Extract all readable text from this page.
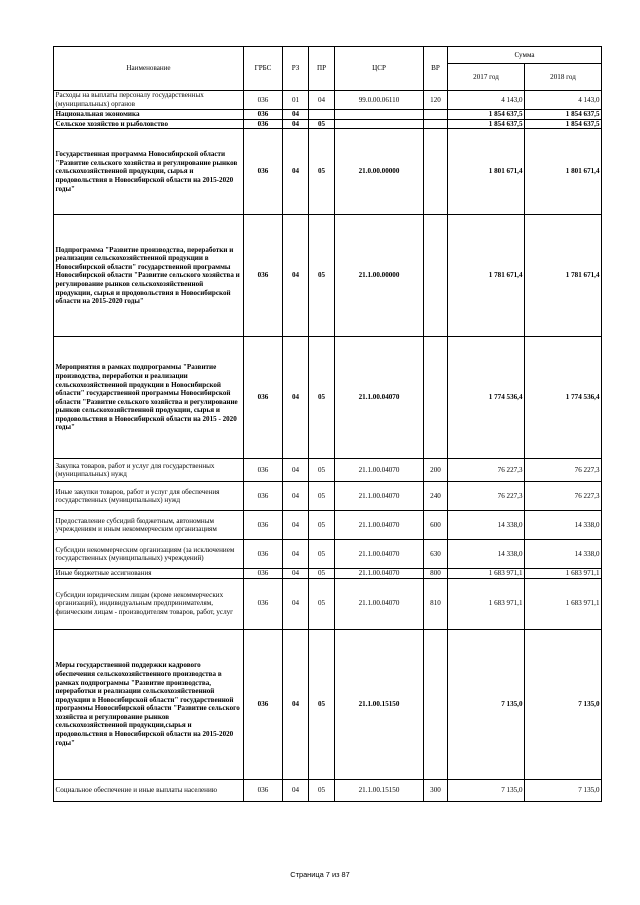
Наименование	ГРБС	РЗ	ПР	ЦСР	ВР	Сумма	
						2017 год	2018 год
Расходы на выплаты персоналу государственных (муниципальных) органов	036	01	04	99.0.00.06110	120	4 143,0	4 143,0
Национальная экономика	036	04				1 854 637,5	1 854 637,5
Сельское хозяйство и рыболовство	036	04	05			1 854 637,5	1 854 637,5
Государственная программа Новосибирской области "Развитие сельского хозяйства и регулирование рынков сельскохозяйственной продукции, сырья и продовольствия в Новосибирской области на 2015-2020 годы"	036	04	05	21.0.00.00000		1 801 671,4	1 801 671,4
Подпрограмма "Развитие производства, переработки и реализации сельскохозяйственной продукции в Новосибирской области" государственной программы Новосибирской области "Развитие сельского хозяйства и регулирование рынков сельскохозяйственной продукции, сырья и продовольствия в Новосибирской области на 2015-2020 годы"	036	04	05	21.1.00.00000		1 781 671,4	1 781 671,4
Мероприятия в рамках подпрограммы "Развитие производства, переработки и реализации сельскохозяйственной продукции в Новосибирской области" государственной программы Новосибирской области "Развитие сельского хозяйства и регулирование рынков сельскохозяйственной продукции, сырья и продовольствия в Новосибирской области на 2015 - 2020 годы"	036	04	05	21.1.00.04070		1 774 536,4	1 774 536,4
Закупка товаров, работ и услуг для государственных (муниципальных) нужд	036	04	05	21.1.00.04070	200	76 227,3	76 227,3
Иные закупки товаров, работ и услуг для обеспечения государственных (муниципальных) нужд	036	04	05	21.1.00.04070	240	76 227,3	76 227,3
Предоставление субсидий бюджетным, автономным учреждениям и иным некоммерческим организациям	036	04	05	21.1.00.04070	600	14 338,0	14 338,0
Субсидии некоммерческим организациям (за исключением государственных (муниципальных) учреждений)	036	04	05	21.1.00.04070	630	14 338,0	14 338,0
Иные бюджетные ассигнования	036	04	05	21.1.00.04070	800	1 683 971,1	1 683 971,1
Субсидии юридическим лицам (кроме некоммерческих организаций), индивидуальным предпринимателям, физическим лицам - производителям товаров, работ, услуг	036	04	05	21.1.00.04070	810	1 683 971,1	1 683 971,1
Меры государственной поддержки кадрового обеспечения сельскохозяйственного производства в рамках подпрограммы "Развитие производства, переработки и реализации сельскохозяйственной продукции в Новосибирской области" государственной программы Новосибирской области "Развитие сельского хозяйства и регулирование рынков сельскохозяйственной продукции,сырья и продовольствия в Новосибирской области на 2015-2020 годы"	036	04	05	21.1.00.15150		7 135,0	7 135,0
Социальное обеспечение и иные выплаты населению	036	04	05	21.1.00.15150	300	7 135,0	7 135,0
Страница 7 из 87
